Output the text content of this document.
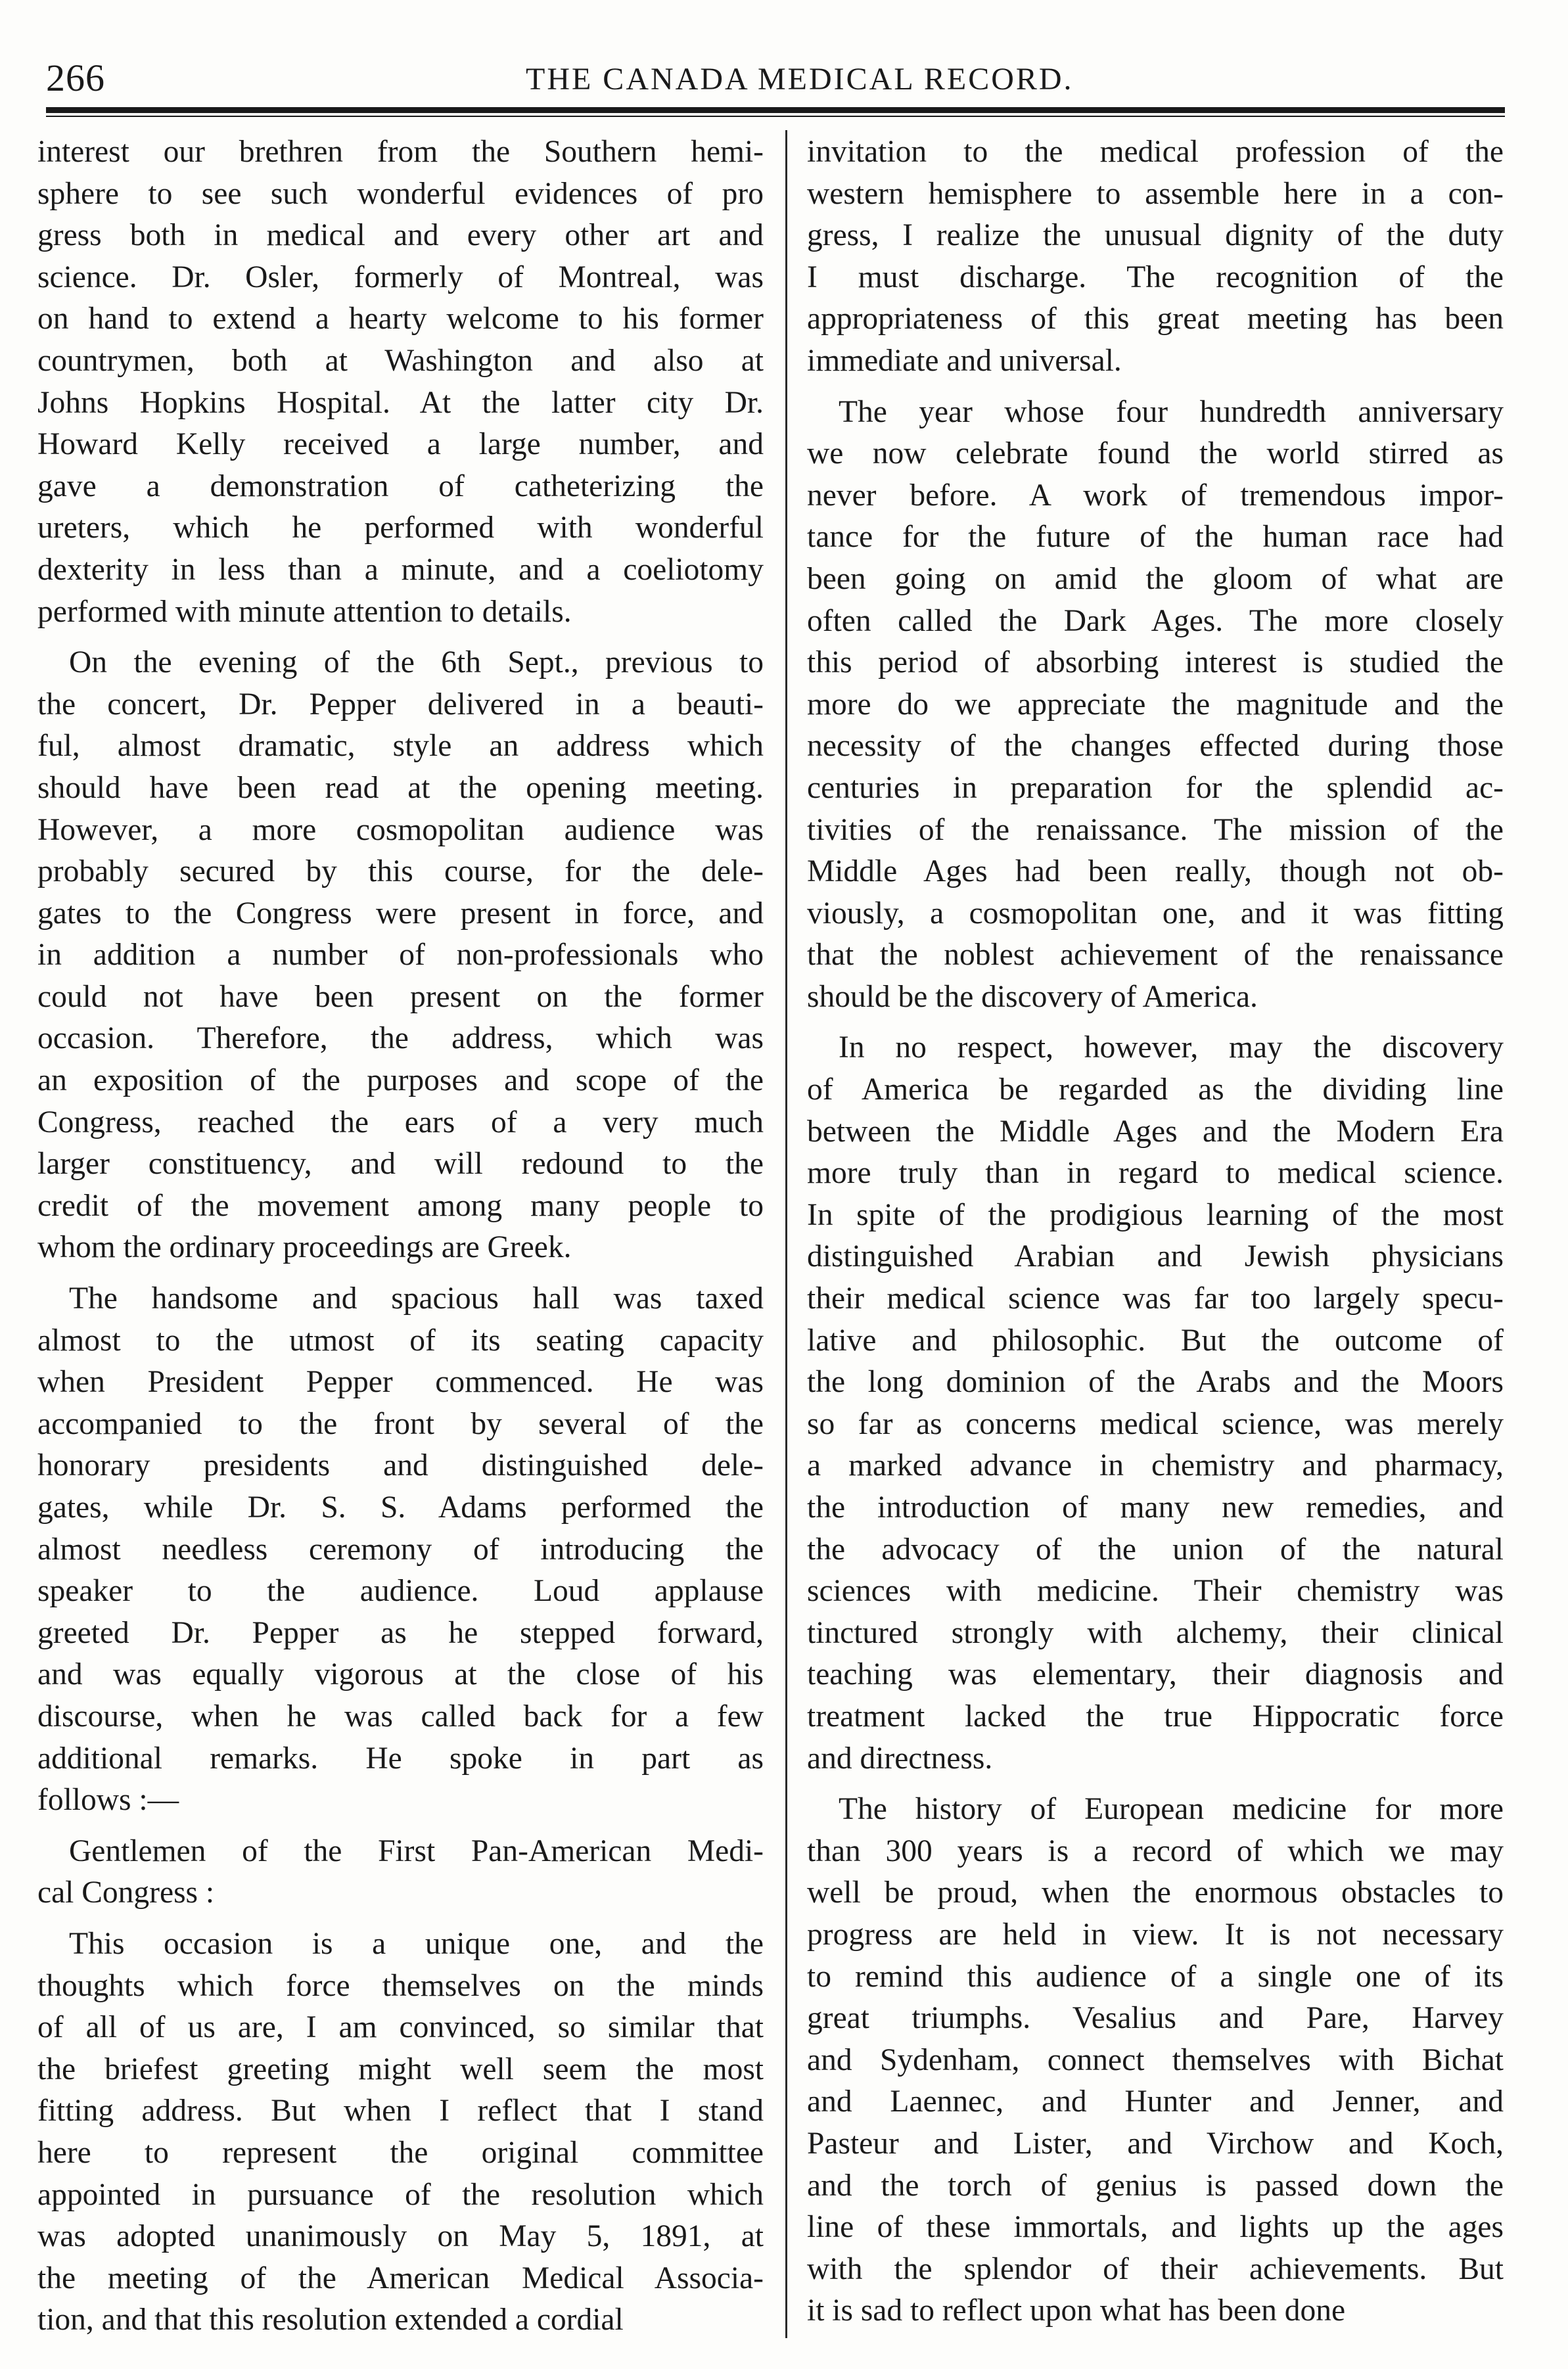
266	THE CANADA MEDICAL RECORD.
interest our brethren from the Southern hemi-
sphere to see such wonderful evidences of pro
gress both in medical and every other art and
science. Dr. Osler, formerly of Montreal, was
on hand to extend a hearty welcome to his former
countrymen, both at Washington and also at
Johns Hopkins Hospital. At the latter city Dr.
Howard Kelly received a large number, and
gave a demonstration of catheterizing the
ureters, which he performed with wonderful
dexterity in less than a minute, and a coeliotomy
performed with minute attention to details.
On the evening of the 6th Sept., previous to
the concert, Dr. Pepper delivered in a beauti-
ful, almost dramatic, style an address which
should have been read at the opening meeting.
However, a more cosmopolitan audience was
probably secured by this course, for the dele-
gates to the Congress were present in force, and
in addition a number of non-professionals who
could not have been present on the former
occasion. Therefore, the address, which was
an exposition of the purposes and scope of the
Congress, reached the ears of a very much
larger constituency, and will redound to the
credit of the movement among many people to
whom the ordinary proceedings are Greek.
The handsome and spacious hall was taxed
almost to the utmost of its seating capacity
when President Pepper commenced. He was
accompanied to the front by several of the
honorary presidents and distinguished dele-
gates, while Dr. S. S. Adams performed the
almost needless ceremony of introducing the
speaker to the audience. Loud applause
greeted Dr. Pepper as he stepped forward,
and was equally vigorous at the close of his
discourse, when he was called back for a few
additional remarks. He spoke in part as
follows :—
Gentlemen of the First Pan-American Medi-
cal Congress :
This occasion is a unique one, and the
thoughts which force themselves on the minds
of all of us are, I am convinced, so similar that
the briefest greeting might well seem the most
fitting address. But when I reflect that I stand
here to represent the original committee
appointed in pursuance of the resolution which
was adopted unanimously on May 5, 1891, at
the meeting of the American Medical Associa-
tion, and that this resolution extended a cordial
invitation to the medical profession of the
western hemisphere to assemble here in a con-
gress, I realize the unusual dignity of the duty
I must discharge. The recognition of the
appropriateness of this great meeting has been
immediate and universal.
The year whose four hundredth anniversary
we now celebrate found the world stirred as
never before. A work of tremendous impor-
tance for the future of the human race had
been going on amid the gloom of what are
often called the Dark Ages. The more closely
this period of absorbing interest is studied the
more do we appreciate the magnitude and the
necessity of the changes effected during those
centuries in preparation for the splendid ac-
tivities of the renaissance. The mission of the
Middle Ages had been really, though not ob-
viously, a cosmopolitan one, and it was fitting
that the noblest achievement of the renaissance
should be the discovery of America.
In no respect, however, may the discovery
of America be regarded as the dividing line
between the Middle Ages and the Modern Era
more truly than in regard to medical science.
In spite of the prodigious learning of the most
distinguished Arabian and Jewish physicians
their medical science was far too largely specu-
lative and philosophic. But the outcome of
the long dominion of the Arabs and the Moors
so far as concerns medical science, was merely
a marked advance in chemistry and pharmacy,
the introduction of many new remedies, and
the advocacy of the union of the natural
sciences with medicine. Their chemistry was
tinctured strongly with alchemy, their clinical
teaching was elementary, their diagnosis and
treatment lacked the true Hippocratic force
and directness.
The history of European medicine for more
than 300 years is a record of which we may
well be proud, when the enormous obstacles to
progress are held in view. It is not necessary
to remind this audience of a single one of its
great triumphs. Vesalius and Pare, Harvey
and Sydenham, connect themselves with Bichat
and Laennec, and Hunter and Jenner, and
Pasteur and Lister, and Virchow and Koch,
and the torch of genius is passed down the
line of these immortals, and lights up the ages
with the splendor of their achievements. But
it is sad to reflect upon what has been done
